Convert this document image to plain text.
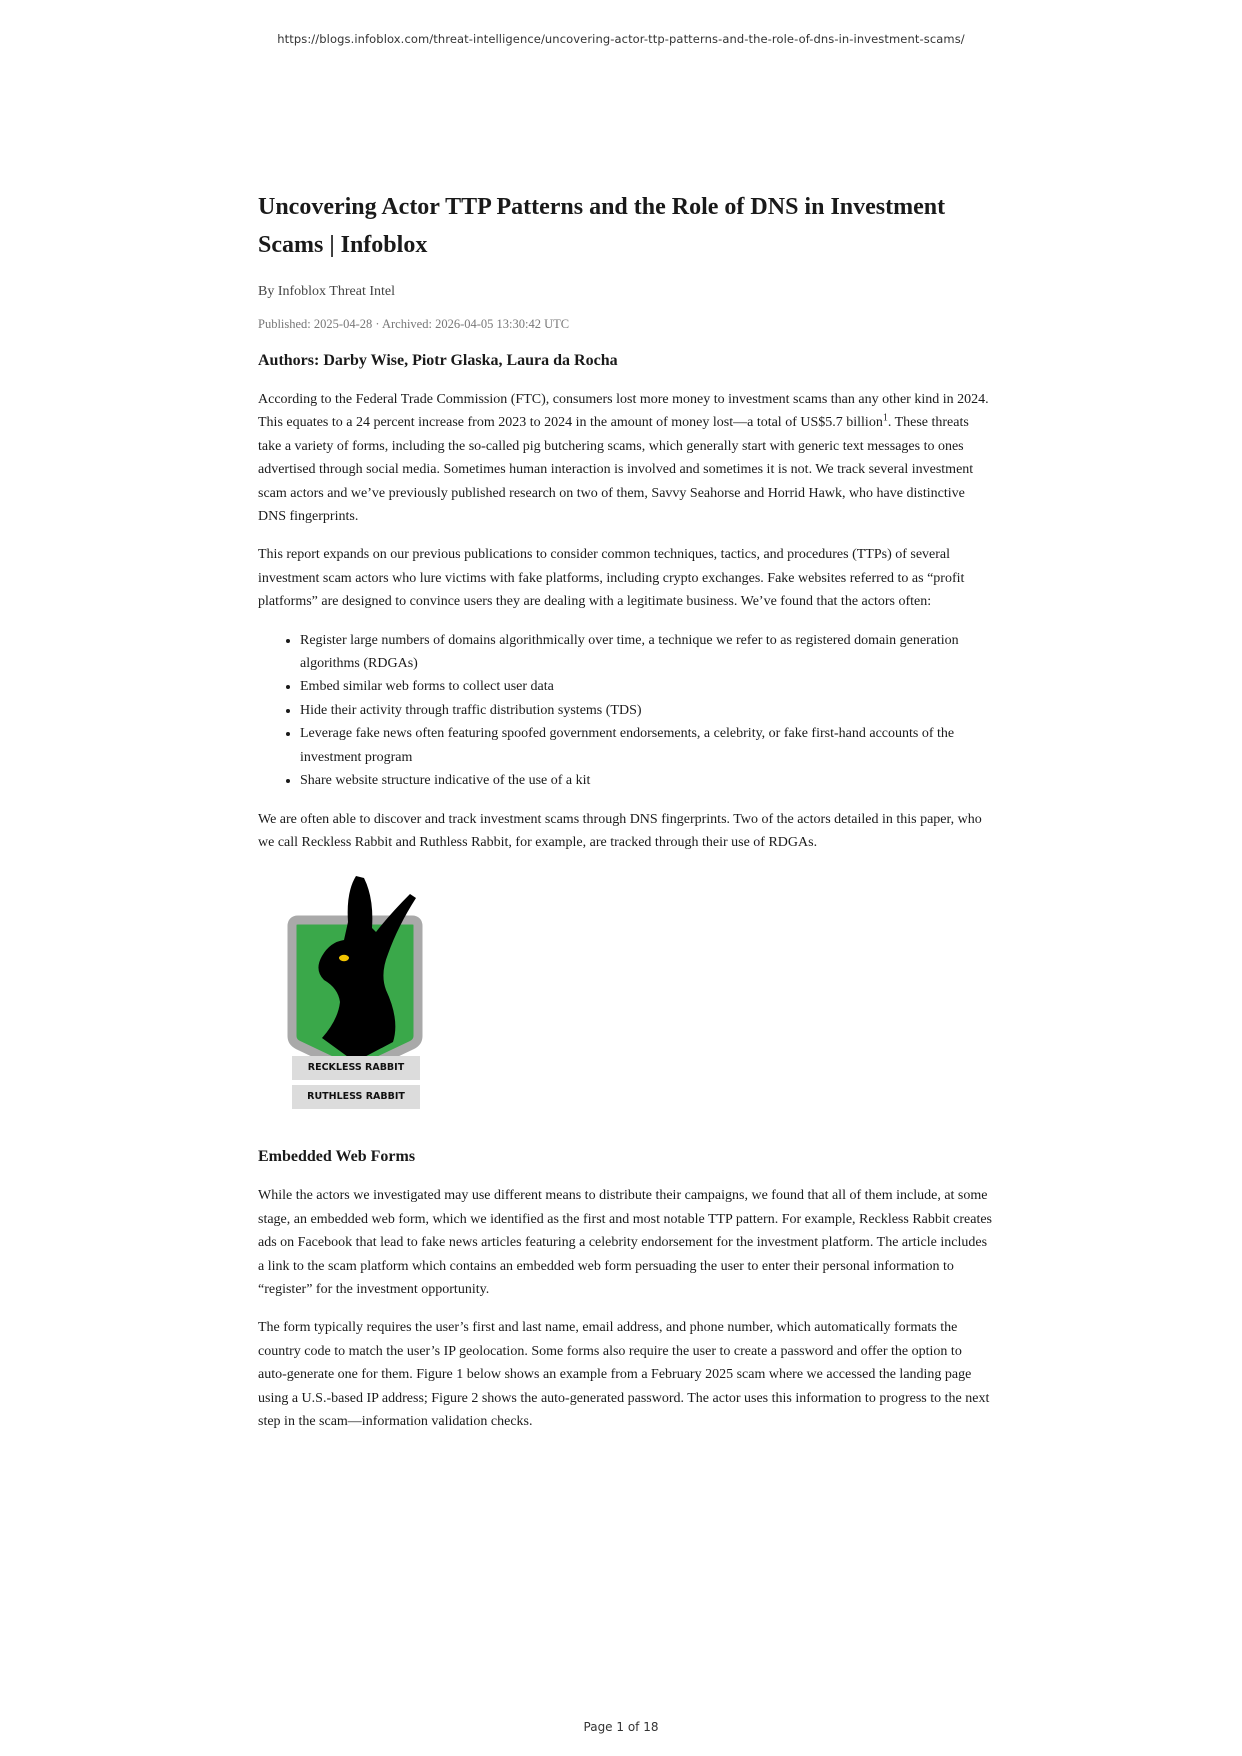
https://blogs.infoblox.com/threat-intelligence/uncovering-actor-ttp-patterns-and-the-role-of-dns-in-investment-scams/
Uncovering Actor TTP Patterns and the Role of DNS in Investment Scams | Infoblox
By Infoblox Threat Intel
Published: 2025-04-28 · Archived: 2026-04-05 13:30:42 UTC
Authors: Darby Wise, Piotr Glaska, Laura da Rocha

According to the Federal Trade Commission (FTC), consumers lost more money to investment scams than any other kind in 2024. This equates to a 24 percent increase from 2023 to 2024 in the amount of money lost—a total of US$5.7 billion$^1$. These threats take a variety of forms, including the so-called pig butchering scams, which generally start with generic text messages to ones advertised through social media. Sometimes human interaction is involved and sometimes it is not. We track several investment scam actors and we’ve previously published research on two of them, Savvy Seahorse and Horrid Hawk, who have distinctive DNS fingerprints.

This report expands on our previous publications to consider common techniques, tactics, and procedures (TTPs) of several investment scam actors who lure victims with fake platforms, including crypto exchanges. Fake websites referred to as “profit platforms” are designed to convince users they are dealing with a legitimate business. We’ve found that the actors often:

• Register large numbers of domains algorithmically over time, a technique we refer to as registered domain generation algorithms (RDGAs)
• Embed similar web forms to collect user data
• Hide their activity through traffic distribution systems (TDS)
• Leverage fake news often featuring spoofed government endorsements, a celebrity, or fake first-hand accounts of the investment program
• Share website structure indicative of the use of a kit

We are often able to discover and track investment scams through DNS fingerprints. Two of the actors detailed in this paper, who we call Reckless Rabbit and Ruthless Rabbit, for example, are tracked through their use of RDGAs.

RECKLESS RABBIT
RUTHLESS RABBIT
Embedded Web Forms

While the actors we investigated may use different means to distribute their campaigns, we found that all of them include, at some stage, an embedded web form, which we identified as the first and most notable TTP pattern. For example, Reckless Rabbit creates ads on Facebook that lead to fake news articles featuring a celebrity endorsement for the investment platform. The article includes a link to the scam platform which contains an embedded web form persuading the user to enter their personal information to “register” for the investment opportunity.

The form typically requires the user’s first and last name, email address, and phone number, which automatically formats the country code to match the user’s IP geolocation. Some forms also require the user to create a password and offer the option to auto-generate one for them. Figure 1 below shows an example from a February 2025 scam where we accessed the landing page using a U.S.-based IP address; Figure 2 shows the auto-generated password. The actor uses this information to progress to the next step in the scam—information validation checks.

Page 1 of 18
